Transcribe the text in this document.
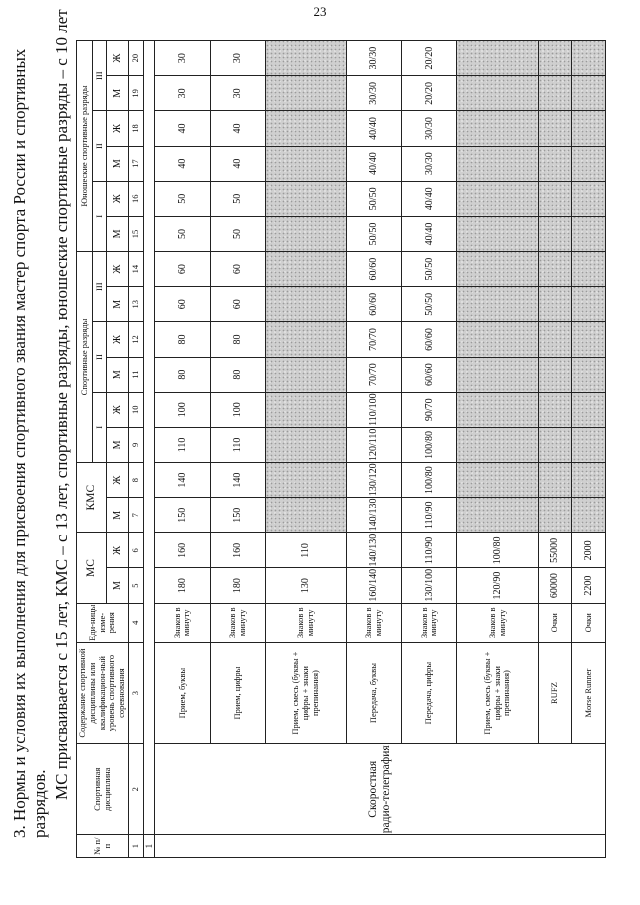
23
3. Нормы и условия их выполнения для присвоения спортивного звания мастер спорта России и спортивных разрядов.
МС присваивается с 15 лет, КМС – с 13 лет, спортивные разряды, юношеские спортивные разряды – с 10 лет
№ п/п	Спортивная дисциплина	Содержание спортивной дисциплины или квалификацион-ный уровень спортивного соревнования	Еди-ницы изме-рения	МС		КМС		Спортивные разряды						Юношеские спортивные разряды					
								I		II		III		I		II		III	
				М	Ж	М	Ж	М	Ж	М	Ж	М	Ж	М	Ж	М	Ж	М	Ж
1	2	3	4	5	6	7	8	9	10	11	12	13	14	15	16	17	18	19	20
1																			
	Скоростная радио-телеграфия	Прием, буквы	Знаков в минуту	180	160	150	140	110	100	80	80	60	60	50	50	40	40	30	30
		Прием, цифры	Знаков в минуту	180	160	150	140	110	100	80	80	60	60	50	50	40	40	30	30
		Прием, смесь (буквы + цифры + знаки препинания)	Знаков в минуту	130	110														
		Передача, буквы	Знаков в минуту	160/140	140/130	140/130	130/120	120/110	110/100	70/70	70/70	60/60	60/60	50/50	50/50	40/40	40/40	30/30	30/30
		Передача, цифры	Знаков в минуту	130/100	110/90	110/90	100/80	100/80	90/70	60/60	60/60	50/50	50/50	40/40	40/40	30/30	30/30	20/20	20/20
		Прием, смесь (буквы + цифры + знаки препинания)	Знаков в минуту	120/90	100/80														
		RUFZ	Очки	60000	55000														
		Morse Runner	Очки	2200	2000														
